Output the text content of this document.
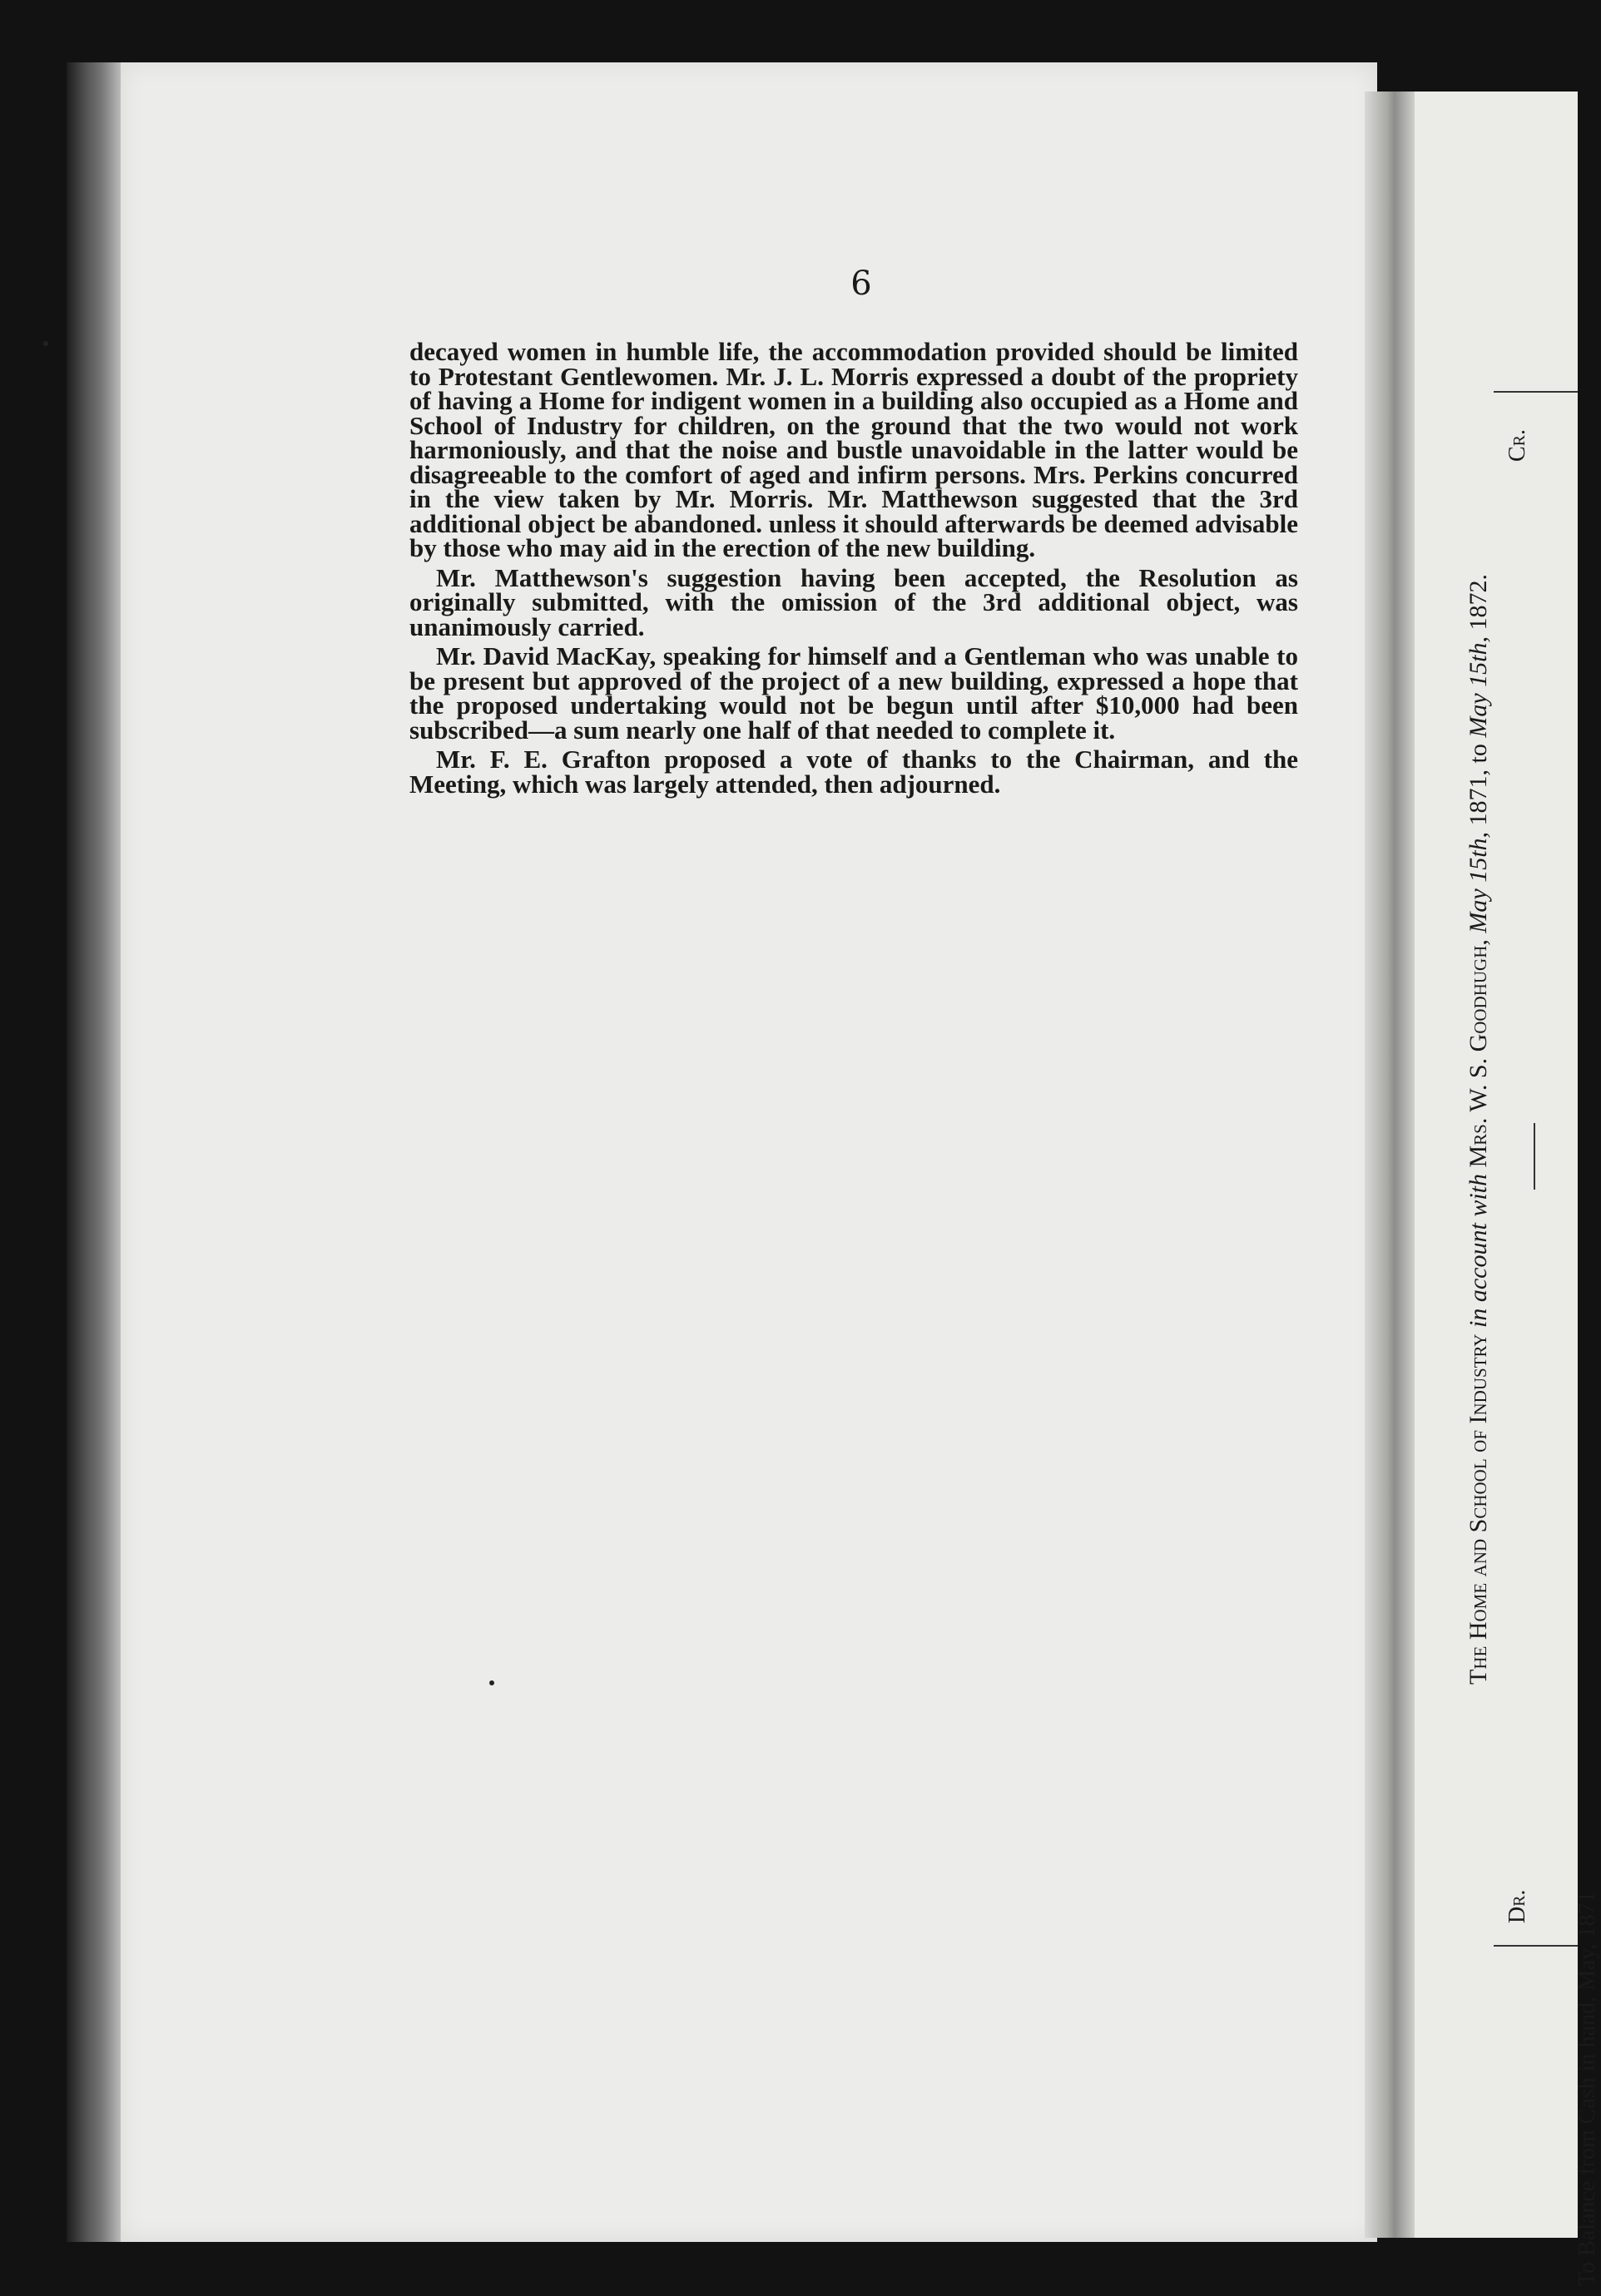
6

decayed women in humble life, the accommodation provided should be limited to Protestant Gentlewomen. Mr. J. L. Morris expressed a doubt of the propriety of having a Home for indigent women in a building also occupied as a Home and School of Industry for children, on the ground that the two would not work harmoniously, and that the noise and bustle unavoidable in the latter would be disagreeable to the comfort of aged and infirm persons. Mrs. Perkins concurred in the view taken by Mr. Morris. Mr. Matthewson suggested that the 3rd additional object be abandoned. unless it should afterwards be deemed advisable by those who may aid in the erection of the new building.

Mr. Matthewson's suggestion having been accepted, the Resolution as originally submitted, with the omission of the 3rd additional object, was unanimously carried.

Mr. David MacKay, speaking for himself and a Gentleman who was unable to be present but approved of the project of a new building, expressed a hope that the proposed undertaking would not be begun until after $10,000 had been subscribed—a sum nearly one half of that needed to complete it.

Mr. F. E. Grafton proposed a vote of thanks to the Chairman, and the Meeting, which was largely attended, then adjourned.

The Home and School of Industry in account with Mrs. W. S. Goodhugh, May 15th, 1871, to May 15th, 1872.
Dr.
Cr.
To Balance from Cash in hand, May, 1871
